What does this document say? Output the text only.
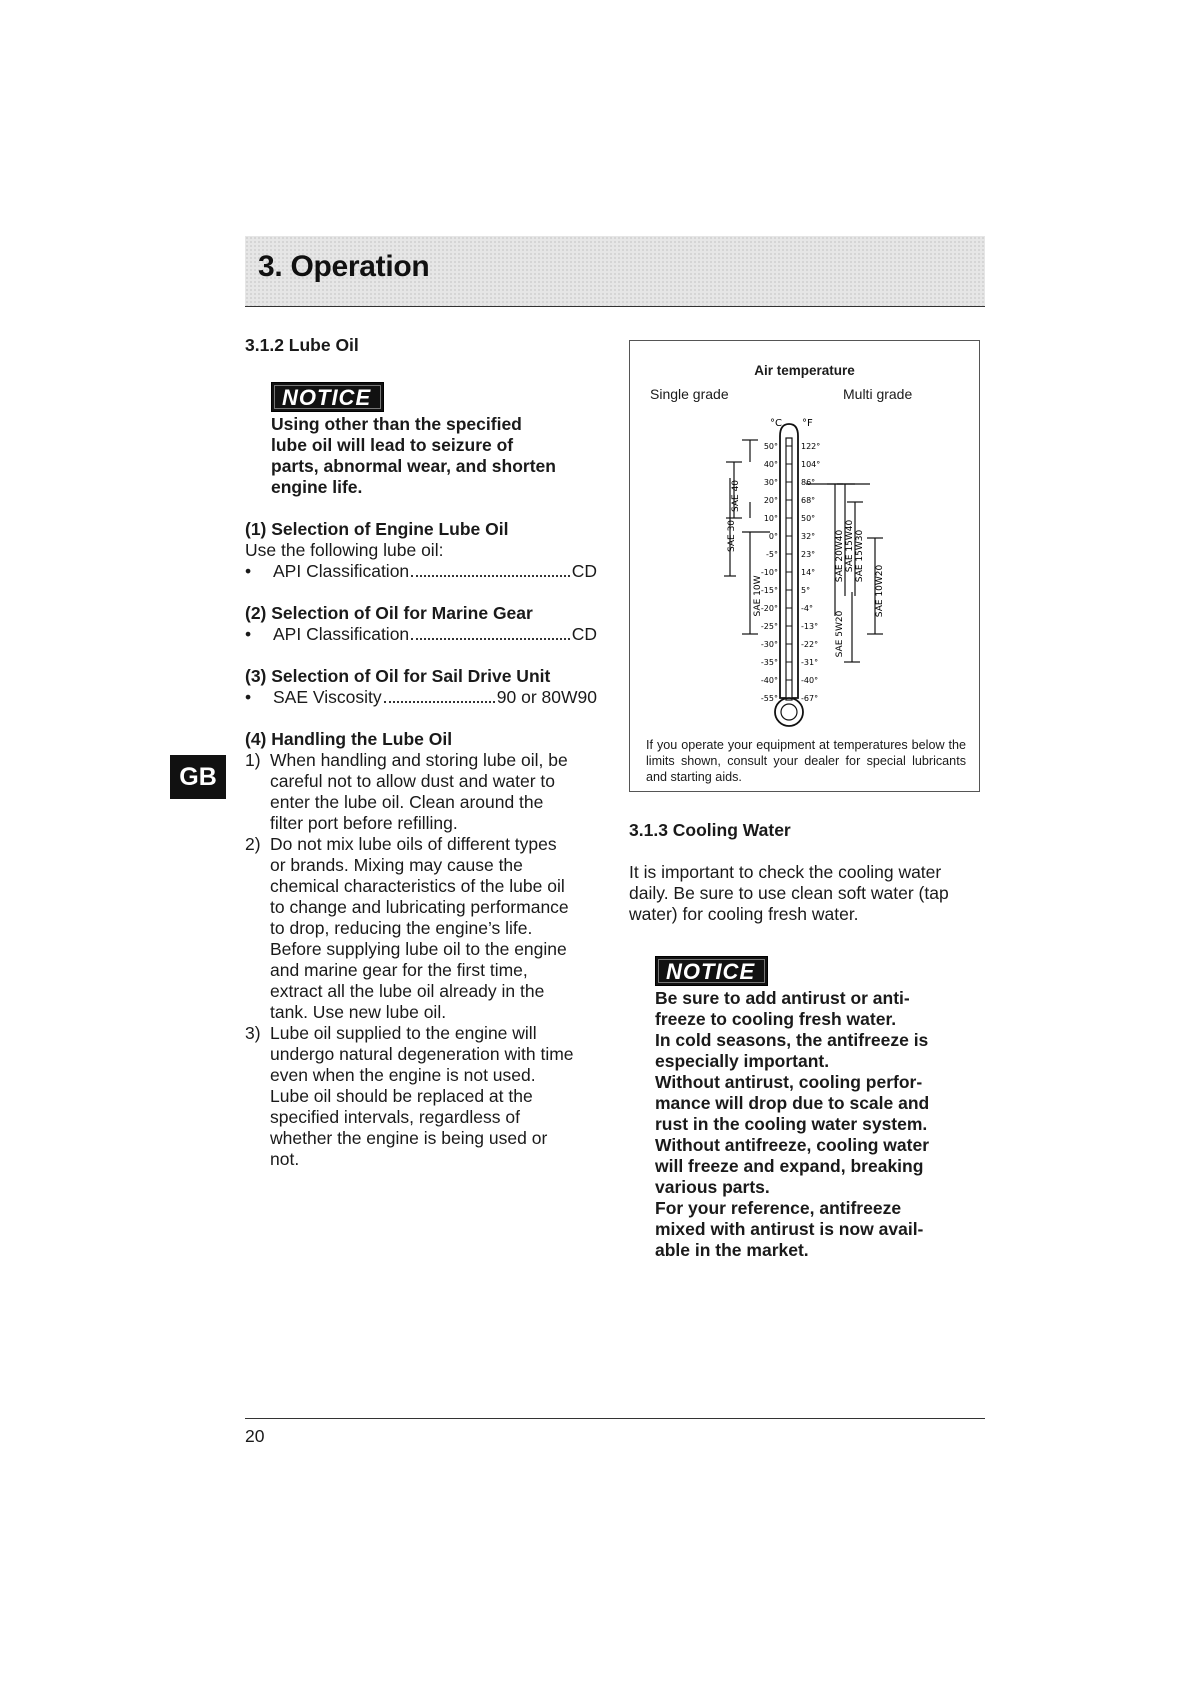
3. Operation
GB
3.1.2 Lube Oil
NOTICE
Using other than the specified
lube oil will lead to seizure of
parts, abnormal wear, and shorten
engine life.
(1) Selection of Engine Lube Oil
Use the following lube oil:
•	API Classification	CD
(2) Selection of Oil for Marine Gear
•	API Classification	CD
(3) Selection of Oil for Sail Drive Unit
•	SAE Viscosity	90 or 80W90
(4) Handling the Lube Oil
1) When handling and storing lube oil, be
careful not to allow dust and water to
enter the lube oil. Clean around the
filter port before refilling.
2) Do not mix lube oils of different types
or brands. Mixing may cause the
chemical characteristics of the lube oil
to change and lubricating performance
to drop, reducing the engine’s life.
Before supplying lube oil to the engine
and marine gear for the first time,
extract all the lube oil already in the
tank. Use new lube oil.
3) Lube oil supplied to the engine will
undergo natural degeneration with time
even when the engine is not used.
Lube oil should be replaced at the
specified intervals, regardless of
whether the engine is being used or
not.
Air temperature
Single grade	Multi grade
°C °F
50°	122°
40°	104°
30°	86°
20°	68°
10°	50°
0°	32°
-5°	23°
-10°	14°
-15°	5°
-20°	-4°
-25°	-13°
-30°	-22°
-35°	-31°
-40°	-40°
-55°	-67°
SAE 40
SAE 30
SAE 10W
SAE 20W40 SAE 15W40 SAE 15W30
SAE 10W20
SAE 5W20
If you operate your equipment at temperatures below the limits shown, consult your dealer for special lubricants and starting aids.
3.1.3 Cooling Water
It is important to check the cooling water
daily. Be sure to use clean soft water (tap
water) for cooling fresh water.
NOTICE
Be sure to add antirust or anti-
freeze to cooling fresh water.
In cold seasons, the antifreeze is
especially important.
Without antirust, cooling perfor-
mance will drop due to scale and
rust in the cooling water system.
Without antifreeze, cooling water
will freeze and expand, breaking
various parts.
For your reference, antifreeze
mixed with antirust is now avail-
able in the market.
20
